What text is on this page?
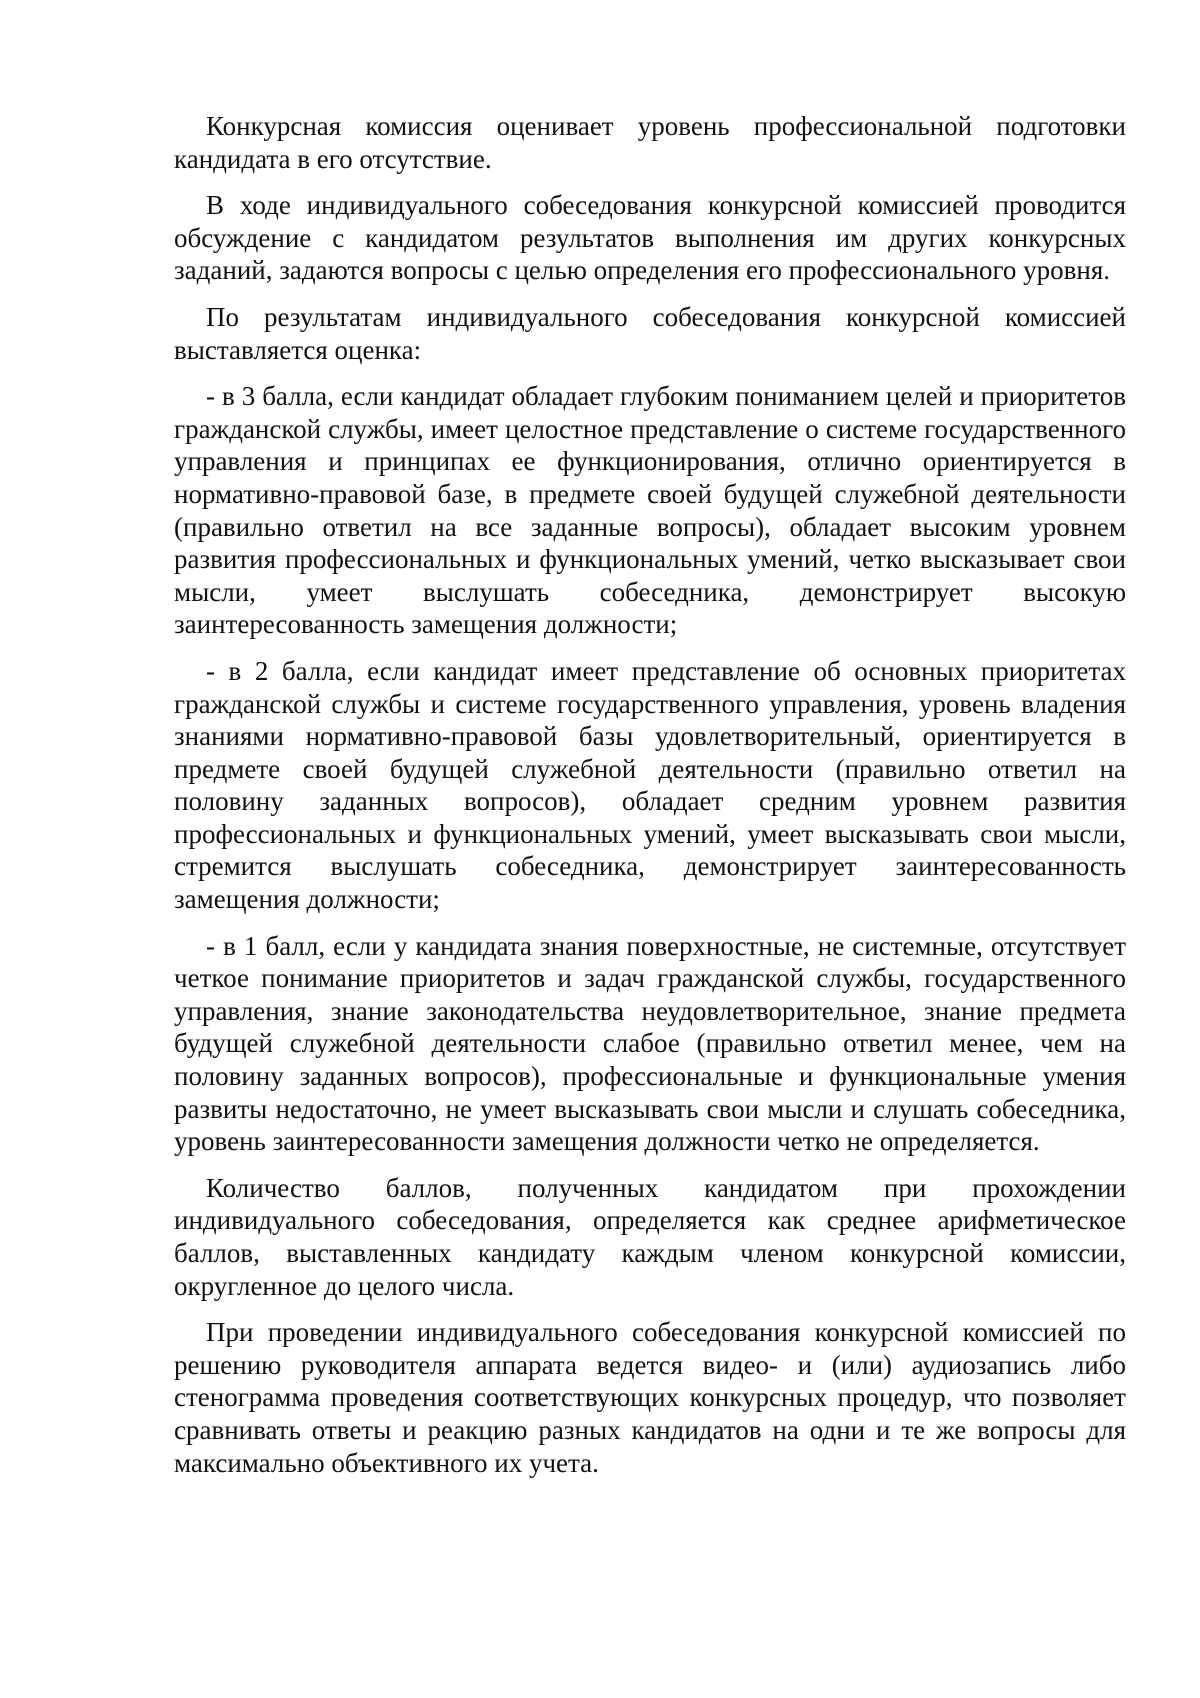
Конкурсная комиссия оценивает уровень профессиональной подготовки кандидата в его отсутствие.

В ходе индивидуального собеседования конкурсной комиссией проводится обсуждение с кандидатом результатов выполнения им других конкурсных заданий, задаются вопросы с целью определения его профессионального уровня.

По результатам индивидуального собеседования конкурсной комиссией выставляется оценка:

- в 3 балла, если кандидат обладает глубоким пониманием целей и приоритетов гражданской службы, имеет целостное представление о системе государственного управления и принципах ее функционирования, отлично ориентируется в нормативно-правовой базе, в предмете своей будущей служебной деятельности (правильно ответил на все заданные вопросы), обладает высоким уровнем развития профессиональных и функциональных умений, четко высказывает свои мысли, умеет выслушать собеседника, демонстрирует высокую заинтересованность замещения должности;

- в 2 балла, если кандидат имеет представление об основных приоритетах гражданской службы и системе государственного управления, уровень владения знаниями нормативно-правовой базы удовлетворительный, ориентируется в предмете своей будущей служебной деятельности (правильно ответил на половину заданных вопросов), обладает средним уровнем развития профессиональных и функциональных умений, умеет высказывать свои мысли, стремится выслушать собеседника, демонстрирует заинтересованность замещения должности;

- в 1 балл, если у кандидата знания поверхностные, не системные, отсутствует четкое понимание приоритетов и задач гражданской службы, государственного управления, знание законодательства неудовлетворительное, знание предмета будущей служебной деятельности слабое (правильно ответил менее, чем на половину заданных вопросов), профессиональные и функциональные умения развиты недостаточно, не умеет высказывать свои мысли и слушать собеседника, уровень заинтересованности замещения должности четко не определяется.

Количество баллов, полученных кандидатом при прохождении индивидуального собеседования, определяется как среднее арифметическое баллов, выставленных кандидату каждым членом конкурсной комиссии, округленное до целого числа.

При проведении индивидуального собеседования конкурсной комиссией по решению руководителя аппарата ведется видео- и (или) аудиозапись либо стенограмма проведения соответствующих конкурсных процедур, что позволяет сравнивать ответы и реакцию разных кандидатов на одни и те же вопросы для максимально объективного их учета.
